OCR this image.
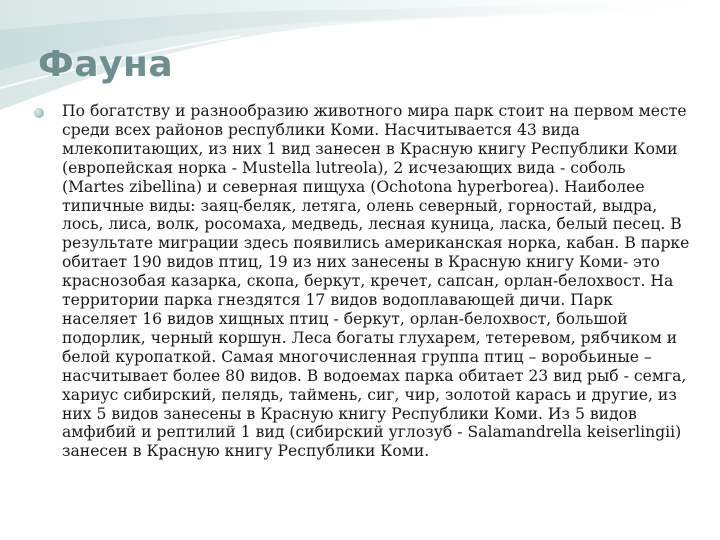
Фауна

По богатству и разнообразию животного мира парк стоит на первом месте среди всех районов республики Коми. Насчитывается 43 вида млекопитающих, из них 1 вид занесен в Красную книгу Республики Коми (европейская норка - Mustella lutreola), 2 исчезающих вида - соболь (Martes zibellina) и северная пищуха (Ochotona hyperborea). Наиболее типичные виды: заяц-беляк, летяга, олень северный, горностай, выдра, лось, лиса, волк, росомаха, медведь, лесная куница, ласка, белый песец. В результате миграции здесь появились американская норка, кабан. В парке обитает 190 видов птиц, 19 из них занесены в Красную книгу Коми- это краснозобая казарка, скопа, беркут, кречет, сапсан, орлан-белохвост. На территории парка гнездятся 17 видов водоплавающей дичи. Парк населяет 16 видов хищных птиц - беркут, орлан-белохвост, большой подорлик, черный коршун. Леса богаты глухарем, тетеревом, рябчиком и белой куропаткой. Самая многочисленная группа птиц – воробьиные – насчитывает более 80 видов. В водоемах парка обитает 23 вид рыб - семга, хариус сибирский, пелядь, таймень, сиг, чир, золотой карась и другие, из них 5 видов занесены в Красную книгу Республики Коми. Из 5 видов амфибий и рептилий 1 вид (сибирский углозуб - Salamandrella keiserlingii) занесен в Красную книгу Республики Коми.
